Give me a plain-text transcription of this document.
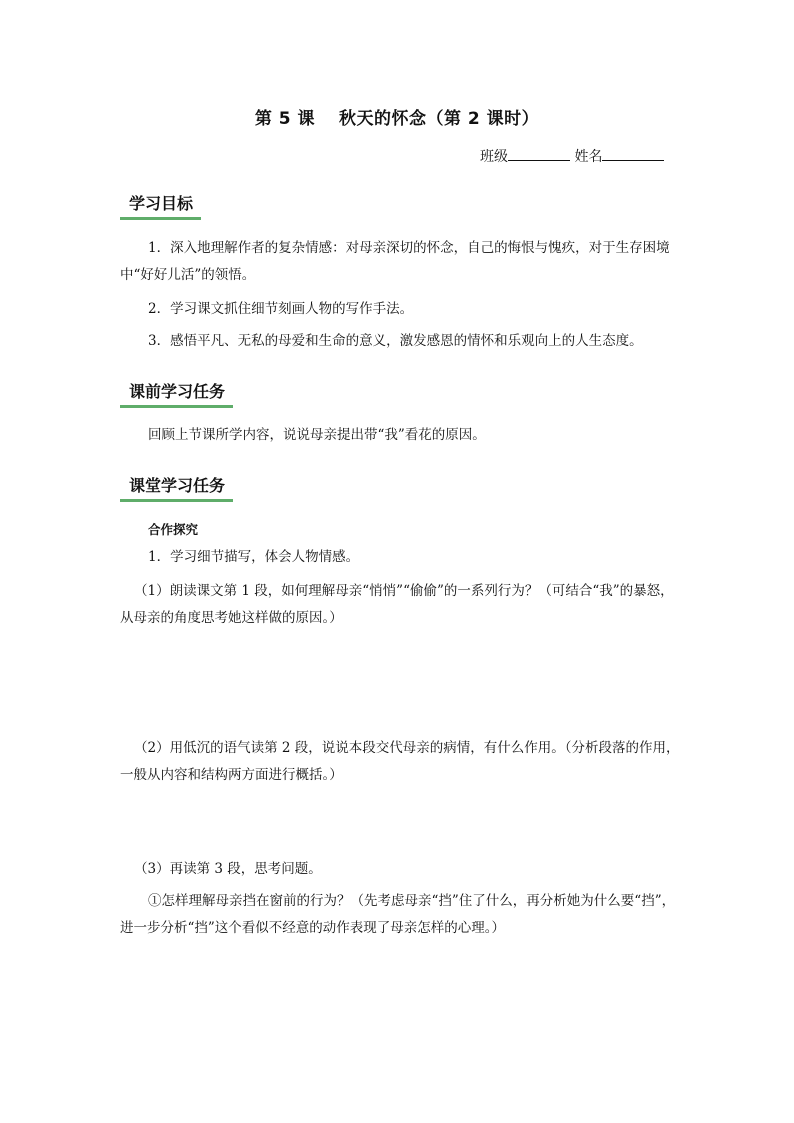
第 5 课　 秋天的怀念（第 2 课时）
班级	姓名
学习目标
1．深入地理解作者的复杂情感：对母亲深切的怀念，自己的悔恨与愧疚，对于生存困境中“好好儿活”的领悟。
2．学习课文抓住细节刻画人物的写作手法。
3．感悟平凡、无私的母爱和生命的意义，激发感恩的情怀和乐观向上的人生态度。
课前学习任务
回顾上节课所学内容，说说母亲提出带“我”看花的原因。
课堂学习任务
合作探究
1．学习细节描写，体会人物情感。
（1）朗读课文第 1 段，如何理解母亲“悄悄”“偷偷”的一系列行为？（可结合“我”的暴怒，从母亲的角度思考她这样做的原因。）
（2）用低沉的语气读第 2 段，说说本段交代母亲的病情，有什么作用。（分析段落的作用，一般从内容和结构两方面进行概括。）
（3）再读第 3 段，思考问题。
①怎样理解母亲挡在窗前的行为？（先考虑母亲“挡”住了什么，再分析她为什么要“挡”，进一步分析“挡”这个看似不经意的动作表现了母亲怎样的心理。）
